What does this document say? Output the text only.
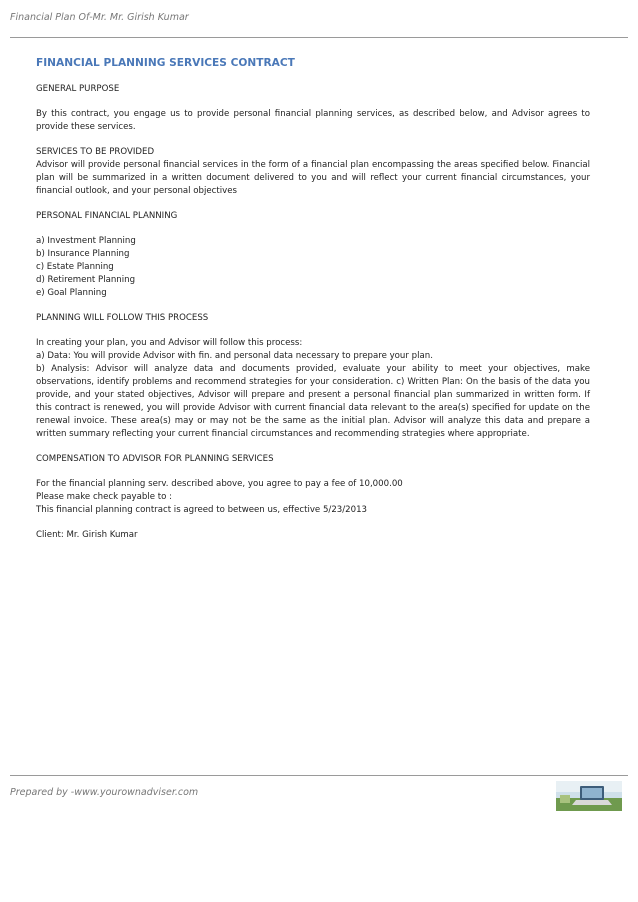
Financial Plan Of-Mr. Mr. Girish Kumar
FINANCIAL PLANNING SERVICES CONTRACT
GENERAL PURPOSE

By this contract, you engage us to provide personal financial planning services, as described below, and Advisor agrees to provide these services.

SERVICES TO BE PROVIDED

Advisor will provide personal financial services in the form of a financial plan encompassing the areas specified below. Financial plan will be summarized in a written document delivered to you and will reflect your current financial circumstances, your financial outlook, and your personal objectives

PERSONAL FINANCIAL PLANNING
a) Investment Planning
b) Insurance Planning
c) Estate Planning
d) Retirement Planning
e) Goal Planning
PLANNING WILL FOLLOW THIS PROCESS
In creating your plan, you and Advisor will follow this process:
a) Data: You will provide Advisor with fin. and personal data necessary to prepare your plan.

b) Analysis: Advisor will analyze data and documents provided, evaluate your ability to meet your objectives, make observations, identify problems and recommend strategies for your consideration. c) Written Plan: On the basis of the data you provide, and your stated objectives, Advisor will prepare and present a personal financial plan summarized in written form. If this contract is renewed, you will provide Advisor with current financial data relevant to the area(s) specified for update on the renewal invoice. These area(s) may or may not be the same as the initial plan. Advisor will analyze this data and prepare a written summary reflecting your current financial circumstances and recommending strategies where appropriate.

COMPENSATION TO ADVISOR FOR PLANNING SERVICES
For the financial planning serv. described above, you agree to pay a fee of 10,000.00
Please make check payable to :
This financial planning contract is agreed to between us, effective 5/23/2013
Client: Mr. Girish Kumar
Prepared by -www.yourownadviser.com
